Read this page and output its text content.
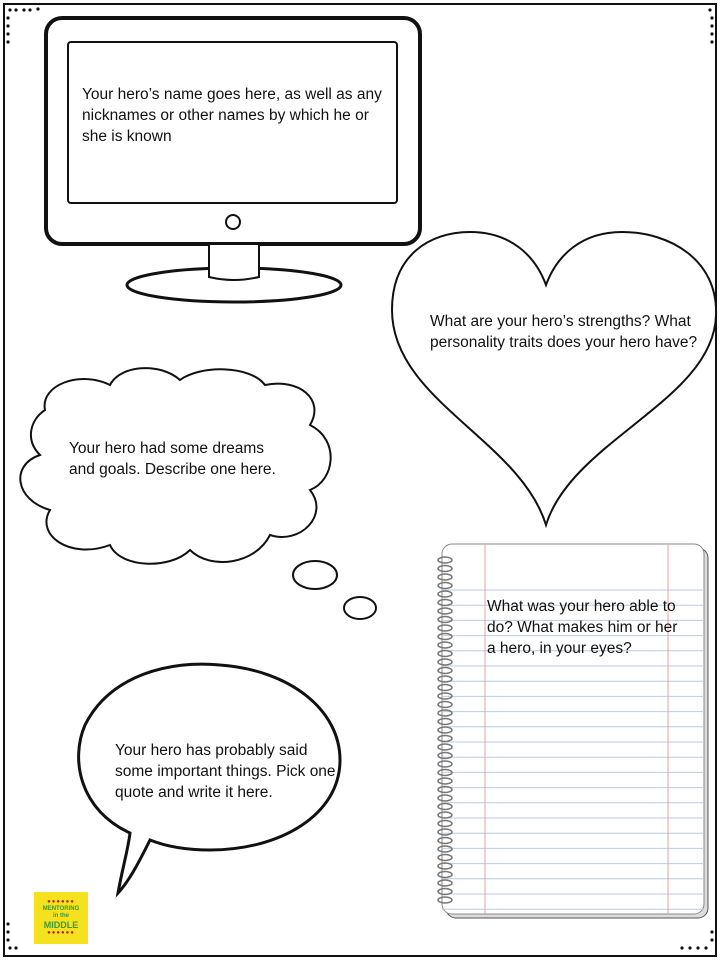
Your hero’s name goes here, as well as any nicknames or other names by which he or she is known
What are your hero’s strengths? What personality traits does your hero have?
Your hero had some dreams and goals. Describe one here.
What was your hero able to do? What makes him or her a hero, in your eyes?
Your hero has probably said some important things. Pick one quote and write it here.
●●●●●●
MENTORING
in the
MIDDLE
●●●●●●
